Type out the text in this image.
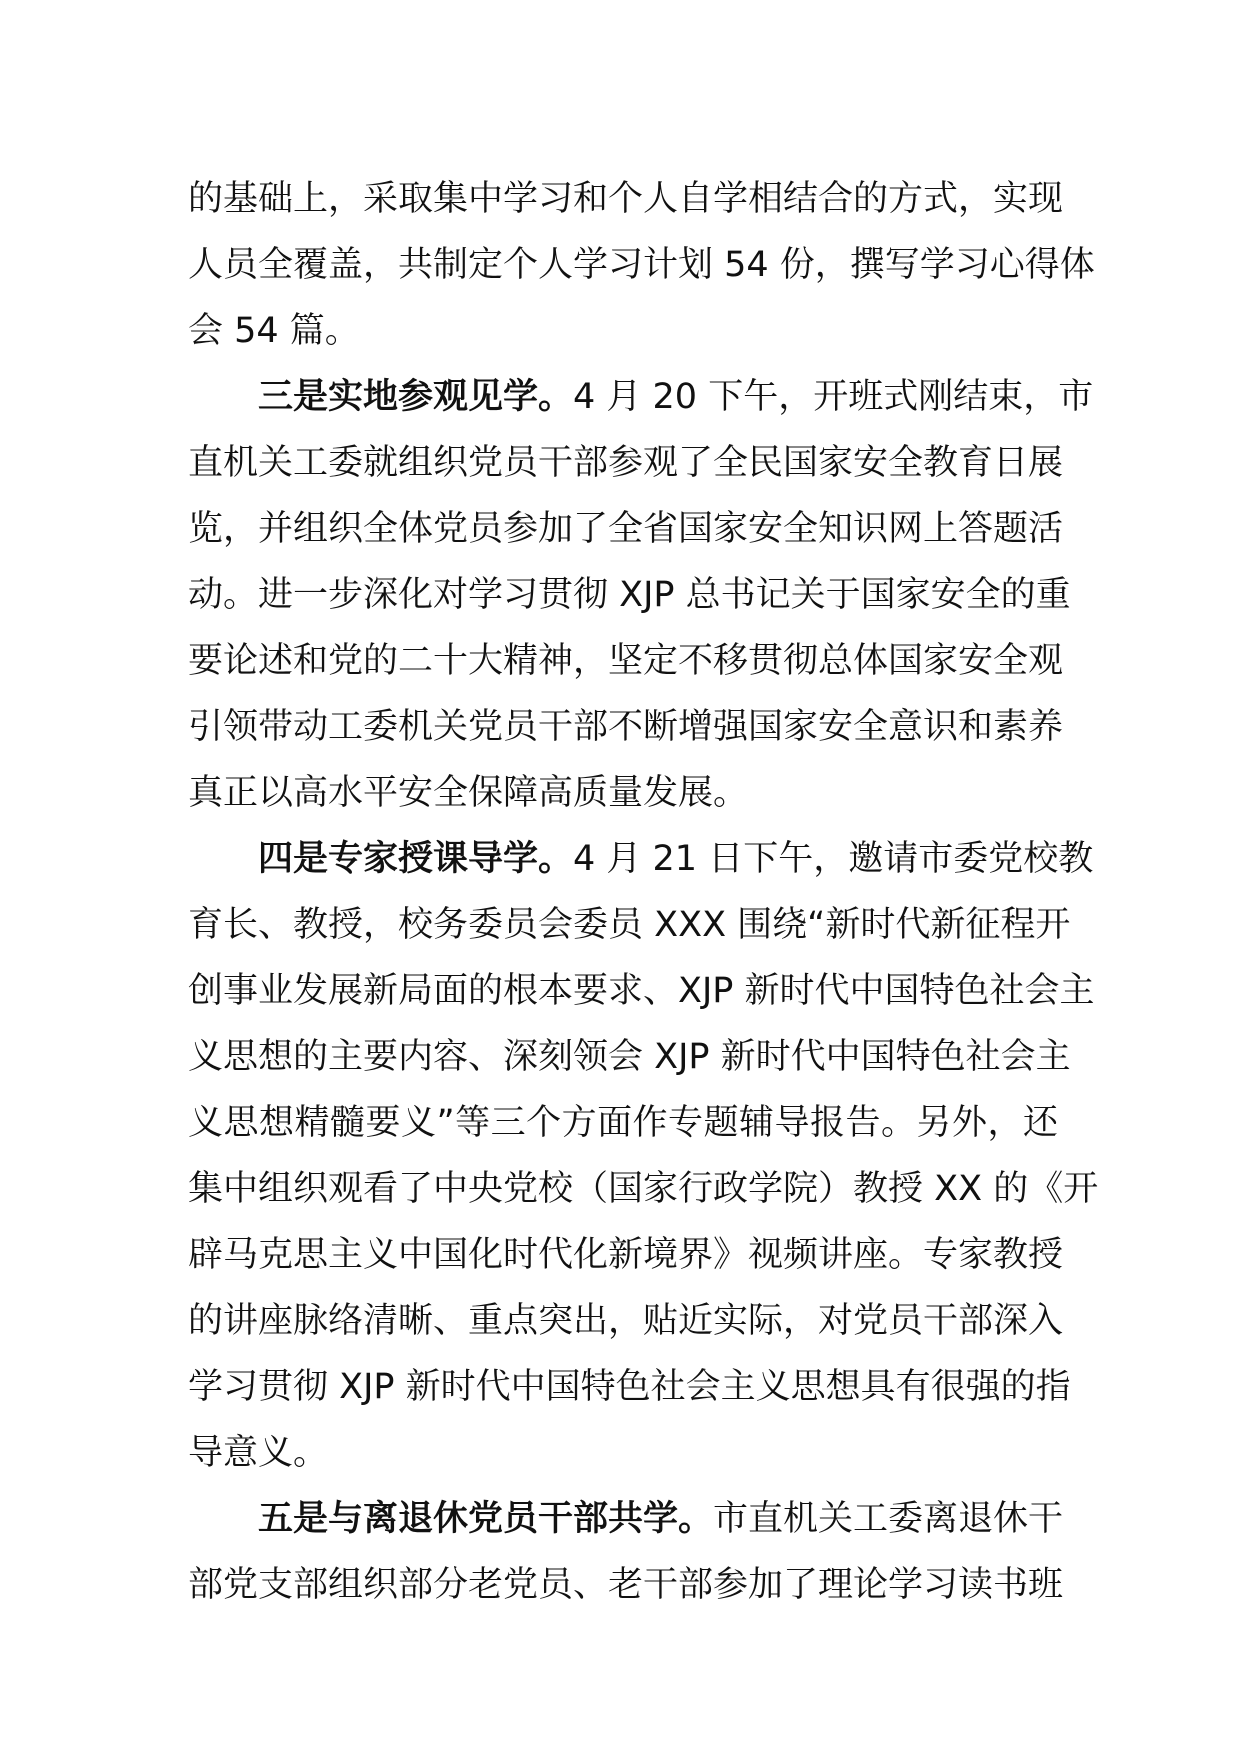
的基础上，采取集中学习和个人自学相结合的方式，实现
人员全覆盖，共制定个人学习计划 54 份，撰写学习心得体
会 54 篇。
三是实地参观见学。4 月 20 下午，开班式刚结束，市
直机关工委就组织党员干部参观了全民国家安全教育日展
览，并组织全体党员参加了全省国家安全知识网上答题活
动。进一步深化对学习贯彻 XJP 总书记关于国家安全的重
要论述和党的二十大精神，坚定不移贯彻总体国家安全观
引领带动工委机关党员干部不断增强国家安全意识和素养
真正以高水平安全保障高质量发展。
四是专家授课导学。4 月 21 日下午，邀请市委党校教
育长、教授，校务委员会委员 XXX 围绕“新时代新征程开
创事业发展新局面的根本要求、XJP 新时代中国特色社会主
义思想的主要内容、深刻领会 XJP 新时代中国特色社会主
义思想精髓要义”等三个方面作专题辅导报告。另外，还
集中组织观看了中央党校（国家行政学院）教授 XX 的《开
辟马克思主义中国化时代化新境界》视频讲座。专家教授
的讲座脉络清晰、重点突出，贴近实际，对党员干部深入
学习贯彻 XJP 新时代中国特色社会主义思想具有很强的指
导意义。
五是与离退休党员干部共学。市直机关工委离退休干
部党支部组织部分老党员、老干部参加了理论学习读书班
